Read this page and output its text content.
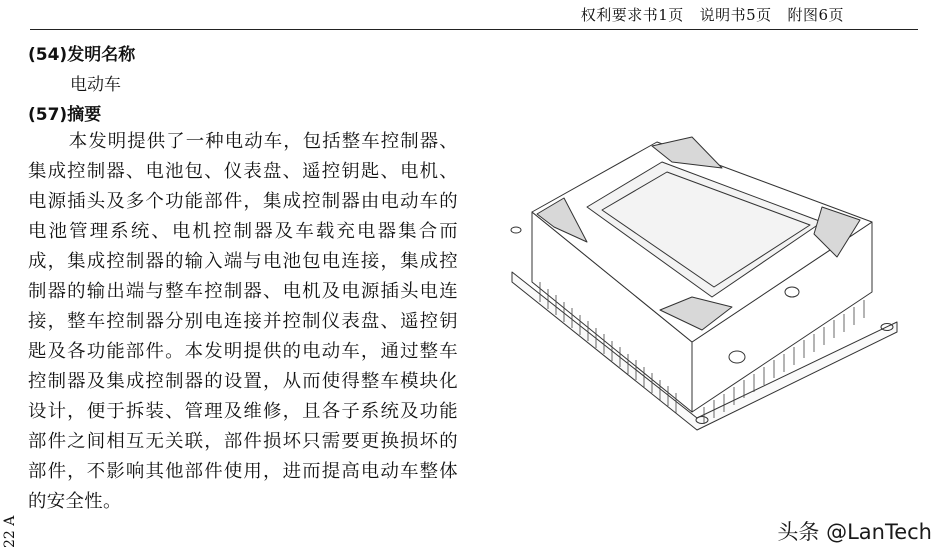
权利要求书1页   说明书5页   附图6页
(54)发明名称
电动车
(57)摘要
本发明提供了一种电动车，包括整车控制器、集成控制器、电池包、仪表盘、遥控钥匙、电机、电源插头及多个功能部件，集成控制器由电动车的电池管理系统、电机控制器及车载充电器集合而成，集成控制器的输入端与电池包电连接，集成控制器的输出端与整车控制器、电机及电源插头电连接，整车控制器分别电连接并控制仪表盘、遥控钥匙及各功能部件。本发明提供的电动车，通过整车控制器及集成控制器的设置，从而使得整车模块化设计，便于拆装、管理及维修，且各子系统及功能部件之间相互无关联，部件损坏只需要更换损坏的部件，不影响其他部件使用，进而提高电动车整体的安全性。
22 A	头条 @LanTech
